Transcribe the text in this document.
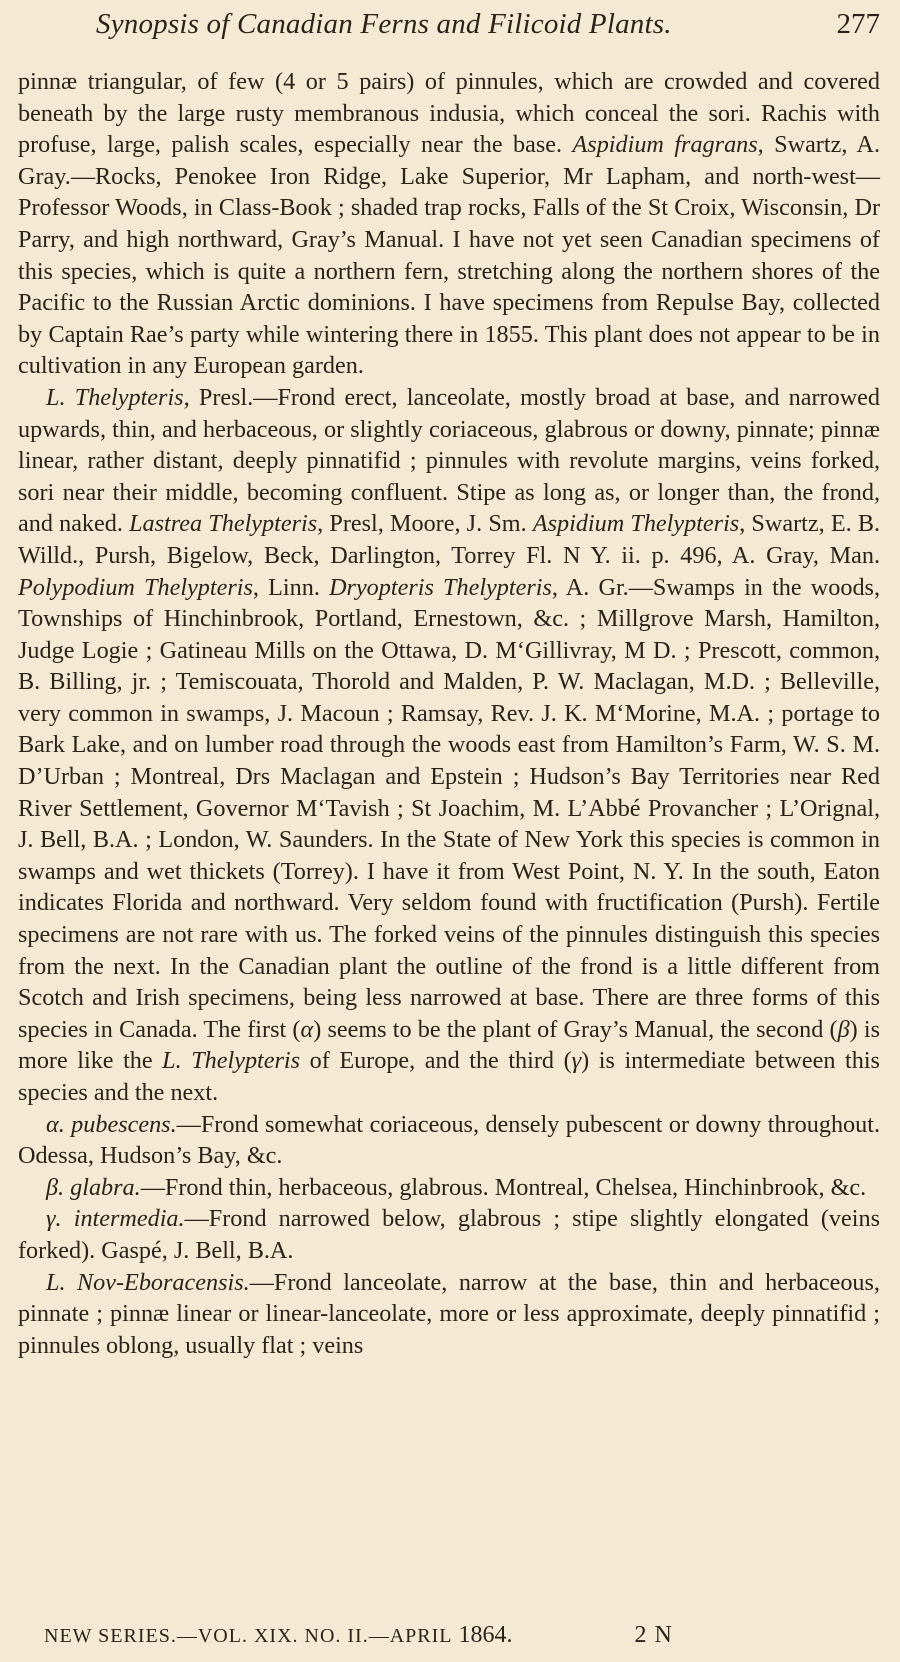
Synopsis of Canadian Ferns and Filicoid Plants.	277

pinnæ triangular, of few (4 or 5 pairs) of pinnules, which are crowded and covered beneath by the large rusty membranous indusia, which conceal the sori. Rachis with profuse, large, palish scales, especially near the base. Aspidium fragrans, Swartz, A. Gray.—Rocks, Penokee Iron Ridge, Lake Superior, Mr Lapham, and north-west—Professor Woods, in Class-Book ; shaded trap rocks, Falls of the St Croix, Wisconsin, Dr Parry, and high northward, Gray’s Manual. I have not yet seen Canadian specimens of this species, which is quite a northern fern, stretching along the northern shores of the Pacific to the Russian Arctic dominions. I have specimens from Repulse Bay, collected by Captain Rae’s party while wintering there in 1855. This plant does not appear to be in cultivation in any European garden.

L. Thelypteris, Presl.—Frond erect, lanceolate, mostly broad at base, and narrowed upwards, thin, and herbaceous, or slightly coriaceous, glabrous or downy, pinnate; pinnæ linear, rather distant, deeply pinnatifid ; pinnules with revolute margins, veins forked, sori near their middle, becoming confluent. Stipe as long as, or longer than, the frond, and naked. Lastrea Thelypteris, Presl, Moore, J. Sm. Aspidium Thelypteris, Swartz, E. B. Willd., Pursh, Bigelow, Beck, Darlington, Torrey Fl. N Y. ii. p. 496, A. Gray, Man. Polypodium Thelypteris, Linn. Dryopteris Thelypteris, A. Gr.—Swamps in the woods, Townships of Hinchinbrook, Portland, Ernestown, &c. ; Millgrove Marsh, Hamilton, Judge Logie ; Gatineau Mills on the Ottawa, D. M‘Gillivray, M D. ; Prescott, common, B. Billing, jr. ; Temiscouata, Thorold and Malden, P. W. Maclagan, M.D. ; Belleville, very common in swamps, J. Macoun ; Ramsay, Rev. J. K. M‘Morine, M.A. ; portage to Bark Lake, and on lumber road through the woods east from Hamilton’s Farm, W. S. M. D’Urban ; Montreal, Drs Maclagan and Epstein ; Hudson’s Bay Territories near Red River Settlement, Governor M‘Tavish ; St Joachim, M. L’Abbé Provancher ; L’Orignal, J. Bell, B.A. ; London, W. Saunders. In the State of New York this species is common in swamps and wet thickets (Torrey). I have it from West Point, N. Y. In the south, Eaton indicates Florida and northward. Very seldom found with fructification (Pursh). Fertile specimens are not rare with us. The forked veins of the pinnules distinguish this species from the next. In the Canadian plant the outline of the frond is a little different from Scotch and Irish specimens, being less narrowed at base. There are three forms of this species in Canada. The first (α) seems to be the plant of Gray’s Manual, the second (β) is more like the L. Thelypteris of Europe, and the third (γ) is intermediate between this species and the next.

α. pubescens.—Frond somewhat coriaceous, densely pubescent or downy throughout. Odessa, Hudson’s Bay, &c.

β. glabra.—Frond thin, herbaceous, glabrous. Montreal, Chelsea, Hinchinbrook, &c.

γ. intermedia.—Frond narrowed below, glabrous ; stipe slightly elongated (veins forked). Gaspé, J. Bell, B.A.

L. Nov-Eboracensis.—Frond lanceolate, narrow at the base, thin and herbaceous, pinnate ; pinnæ linear or linear-lanceolate, more or less approximate, deeply pinnatifid ; pinnules oblong, usually flat ; veins

NEW SERIES.—VOL. XIX. NO. II.—APRIL 1864.	2 N
